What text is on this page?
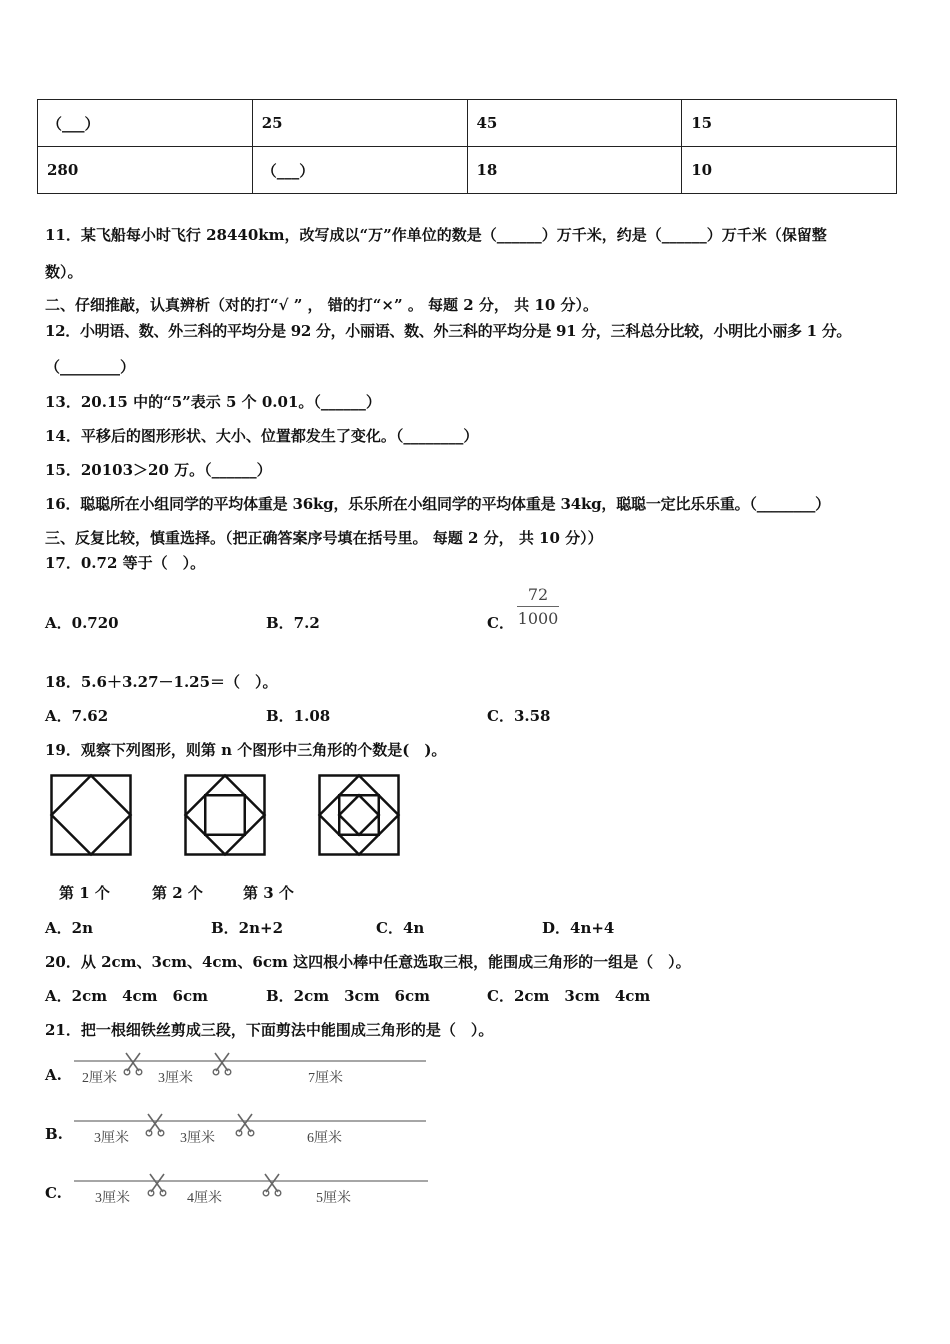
（___）	25	45	15
280	（___）	18	10
11．某飞船每小时飞行 28440km，改写成以“万”作单位的数是（______）万千米，约是（______）万千米（保留整
数）。
二、仔细推敲，认真辨析（对的打“√ ” ， 错的打“×” 。 每题 2 分， 共 10 分）。
12．小明语、数、外三科的平均分是 92 分，小丽语、数、外三科的平均分是 91 分，三科总分比较，小明比小丽多 1 分。
（________）
13．20.15 中的“5”表示 5 个 0.01。（______）
14．平移后的图形形状、大小、位置都发生了变化。（________）
15．20103＞20 万。（______）
16．聪聪所在小组同学的平均体重是 36kg，乐乐所在小组同学的平均体重是 34kg，聪聪一定比乐乐重。（________）
三、反复比较，慎重选择。（把正确答案序号填在括号里。 每题 2 分， 共 10 分））
17．0.72 等于（　）。
A．0.720	B．7.2	C． $\frac{72}{1000}$
18．5.6＋3.27－1.25＝（　）。
A．7.62	B．1.08	C．3.58
19．观察下列图形，则第 n 个图形中三角形的个数是(　)。
第 1 个	第 2 个	第 3 个
A．2n	B．2n+2	C．4n	D．4n+4
20．从 2cm、3cm、4cm、6cm 这四根小棒中任意选取三根，能围成三角形的一组是（　）。
A．2cm　4cm　6cm	B．2cm　3cm　6cm	C．2cm　3cm　4cm
21．把一根细铁丝剪成三段，下面剪法中能围成三角形的是（　）。
A. 2厘米	3厘米	7厘米
B. 3厘米	3厘米	6厘米
C. 3厘米	4厘米	5厘米
